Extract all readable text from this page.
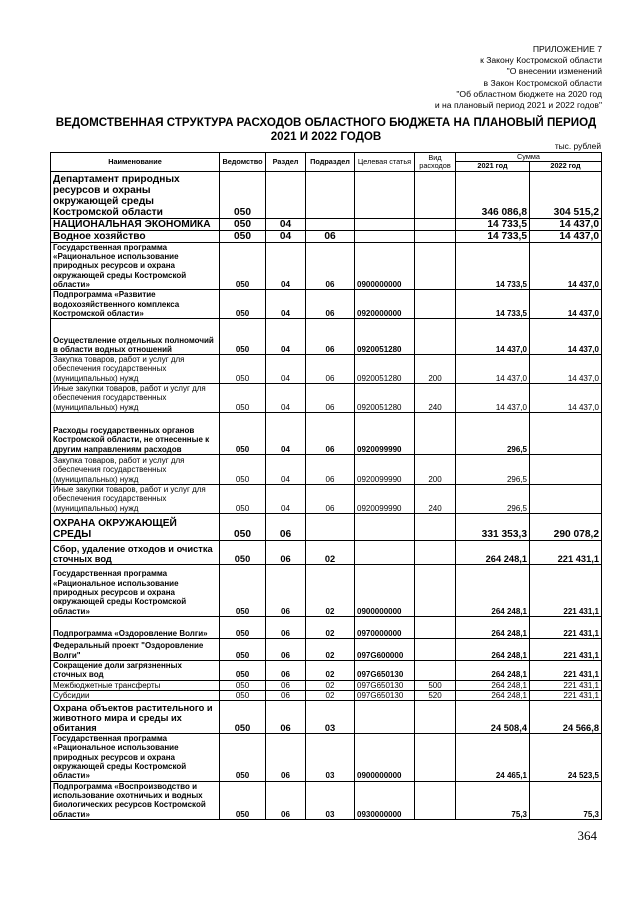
ПРИЛОЖЕНИЕ 7
к Закону Костромской области
"О внесении изменений
в Закон Костромской области
"Об областном бюджете на 2020 год
и на плановый период 2021 и 2022 годов"
ВЕДОМСТВЕННАЯ СТРУКТУРА РАСХОДОВ ОБЛАСТНОГО БЮДЖЕТА НА ПЛАНОВЫЙ ПЕРИОД 2021 И 2022 ГОДОВ
тыс. рублей
Наименование	Ведомство	Раздел	Подраздел	Целевая статья	Вид расходов	Сумма	
						2021 год	2022 год
Департамент природных ресурсов и охраны окружающей среды Костромской области	050					346 086,8	304 515,2
НАЦИОНАЛЬНАЯ ЭКОНОМИКА	050	04				14 733,5	14 437,0
Водное хозяйство	050	04	06			14 733,5	14 437,0
Государственная программа «Рациональное использование природных ресурсов и охрана окружающей среды Костромской области»	050	04	06	0900000000		14 733,5	14 437,0
Подпрограмма «Развитие водохозяйственного комплекса Костромской области»	050	04	06	0920000000		14 733,5	14 437,0
Осуществление отдельных полномочий в области водных отношений	050	04	06	0920051280		14 437,0	14 437,0
Закупка товаров, работ и услуг для обеспечения государственных (муниципальных) нужд	050	04	06	0920051280	200	14 437,0	14 437,0
Иные закупки товаров, работ и услуг для обеспечения государственных (муниципальных) нужд	050	04	06	0920051280	240	14 437,0	14 437,0
Расходы государственных органов Костромской области, не отнесенные к другим направлениям расходов	050	04	06	0920099990		296,5	
Закупка товаров, работ и услуг для обеспечения государственных (муниципальных) нужд	050	04	06	0920099990	200	296,5	
Иные закупки товаров, работ и услуг для обеспечения государственных (муниципальных) нужд	050	04	06	0920099990	240	296,5	
ОХРАНА ОКРУЖАЮЩЕЙ СРЕДЫ	050	06				331 353,3	290 078,2
Сбор, удаление отходов и очистка сточных вод	050	06	02			264 248,1	221 431,1
Государственная программа «Рациональное использование природных ресурсов и охрана окружающей среды Костромской области»	050	06	02	0900000000		264 248,1	221 431,1
Подпрограмма «Оздоровление Волги»	050	06	02	0970000000		264 248,1	221 431,1
Федеральный проект "Оздоровление Волги"	050	06	02	097G600000		264 248,1	221 431,1
Сокращение доли загрязненных сточных вод	050	06	02	097G650130		264 248,1	221 431,1
Межбюджетные трансферты	050	06	02	097G650130	500	264 248,1	221 431,1
Субсидии	050	06	02	097G650130	520	264 248,1	221 431,1
Охрана объектов растительного и животного мира и среды их обитания	050	06	03			24 508,4	24 566,8
Государственная программа «Рациональное использование природных ресурсов и охрана окружающей среды Костромской области»	050	06	03	0900000000		24 465,1	24 523,5
Подпрограмма «Воспроизводство и использование охотничьих и водных биологических ресурсов Костромской области»	050	06	03	0930000000		75,3	75,3
364
